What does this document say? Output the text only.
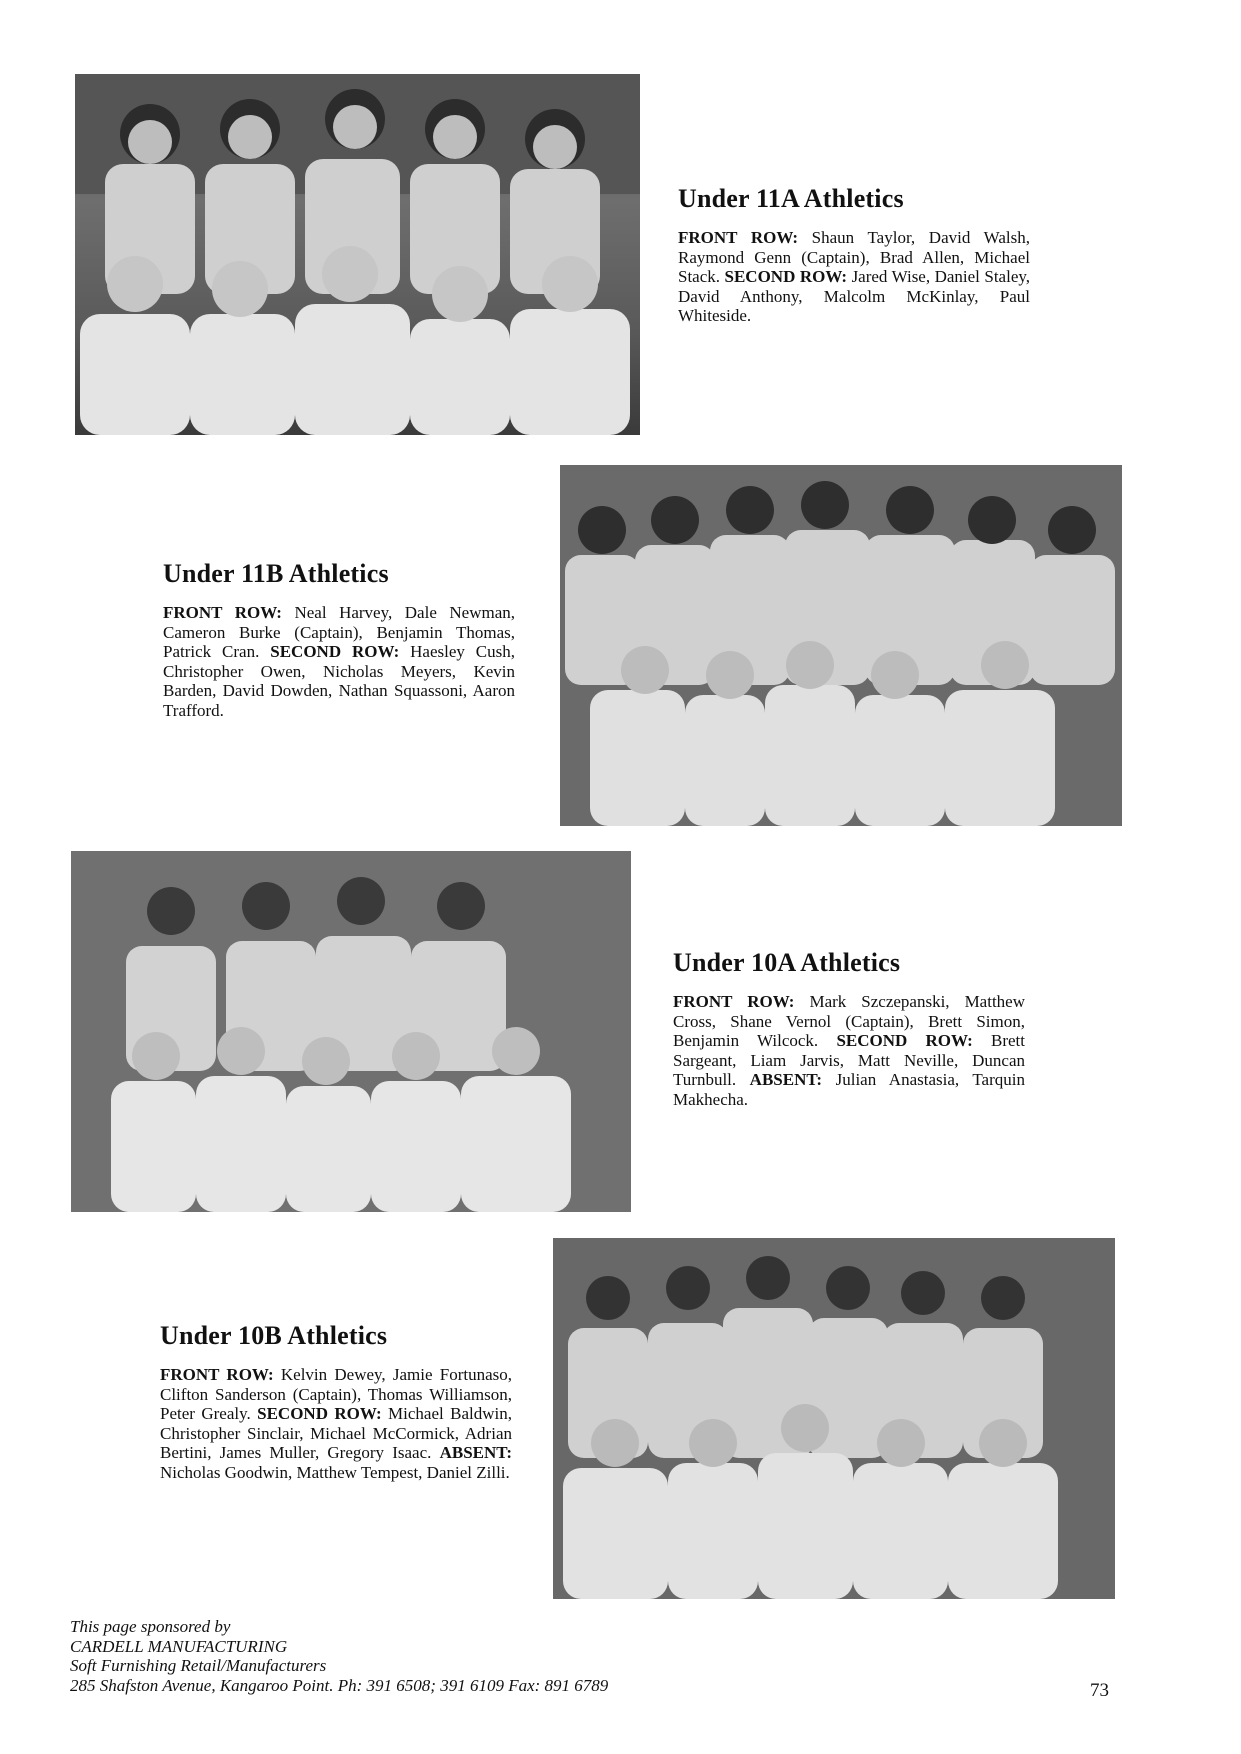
Under 11A Athletics

FRONT ROW: Shaun Taylor, David Walsh, Raymond Genn (Captain), Brad Allen, Michael Stack. SECOND ROW: Jared Wise, Daniel Staley, David Anthony, Malcolm McKinlay, Paul Whiteside.

Under 11B Athletics

FRONT ROW: Neal Harvey, Dale Newman, Cameron Burke (Captain), Benjamin Thomas, Patrick Cran. SECOND ROW: Haesley Cush, Christopher Owen, Nicholas Meyers, Kevin Barden, David Dowden, Nathan Squassoni, Aaron Trafford.

Under 10A Athletics

FRONT ROW: Mark Szczepanski, Matthew Cross, Shane Vernol (Captain), Brett Simon, Benjamin Wilcock. SECOND ROW: Brett Sargeant, Liam Jarvis, Matt Neville, Duncan Turnbull. ABSENT: Julian Anastasia, Tarquin Makhecha.

Under 10B Athletics

FRONT ROW: Kelvin Dewey, Jamie Fortunaso, Clifton Sanderson (Captain), Thomas Williamson, Peter Grealy. SECOND ROW: Michael Baldwin, Christopher Sinclair, Michael McCormick, Adrian Bertini, James Muller, Gregory Isaac. ABSENT: Nicholas Goodwin, Matthew Tempest, Daniel Zilli.

This page sponsored by
CARDELL MANUFACTURING
Soft Furnishing Retail/Manufacturers
285 Shafston Avenue, Kangaroo Point. Ph: 391 6508; 391 6109 Fax: 891 6789	73
